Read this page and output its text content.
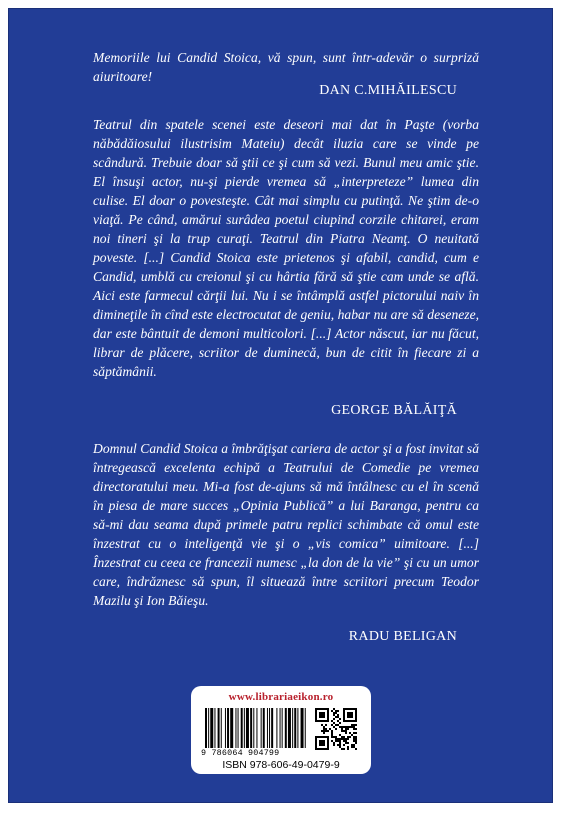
Memoriile lui Candid Stoica, vă spun, sunt într-adevăr o surpriză aiuritoare!

DAN C.MIHĂILESCU

Teatrul din spatele scenei este deseori mai dat în Paşte (vorba năbădăiosului ilustrisim Mateiu) decât iluzia care se vinde pe scândură. Trebuie doar să ştii ce şi cum să vezi. Bunul meu amic ştie. El însuşi actor, nu-şi pierde vremea să „interpreteze” lumea din culise. El doar o povesteşte. Cât mai simplu cu putinţă. Ne ştim de-o viaţă. Pe când, amărui surâdea poetul ciupind corzile chitarei, eram noi tineri şi la trup curaţi. Teatrul din Piatra Neamţ. O neuitată poveste. [...] Candid Stoica este prietenos şi afabil, candid, cum e Candid, umblă cu creionul şi cu hârtia fără să ştie cam unde se află. Aici este farmecul cărţii lui. Nu i se întâmplă astfel pictorului naiv în dimineţile în cînd este electrocutat de geniu, habar nu are să deseneze, dar este bântuit de demoni multicolori. [...] Actor născut, iar nu făcut, librar de plăcere, scriitor de duminecă, bun de citit în fiecare zi a săptămânii.

GEORGE BĂLĂIŢĂ

Domnul Candid Stoica a îmbrăţişat cariera de actor şi a fost invitat să întregească excelenta echipă a Teatrului de Comedie pe vremea directoratului meu. Mi-a fost de-ajuns să mă întâlnesc cu el în scenă în piesa de mare succes „Opinia Publică” a lui Baranga, pentru ca să-mi dau seama după primele patru replici schimbate că omul este înzestrat cu o inteligenţă vie şi o „vis comica” uimitoare. [...] Înzestrat cu ceea ce francezii numesc „la don de la vie” şi cu un umor care, îndrăznesc să spun, îl situează între scriitori precum Teodor Mazilu şi Ion Băieşu.

RADU BELIGAN

www.librariaeikon.ro
9 786064 904799
ISBN 978-606-49-0479-9
